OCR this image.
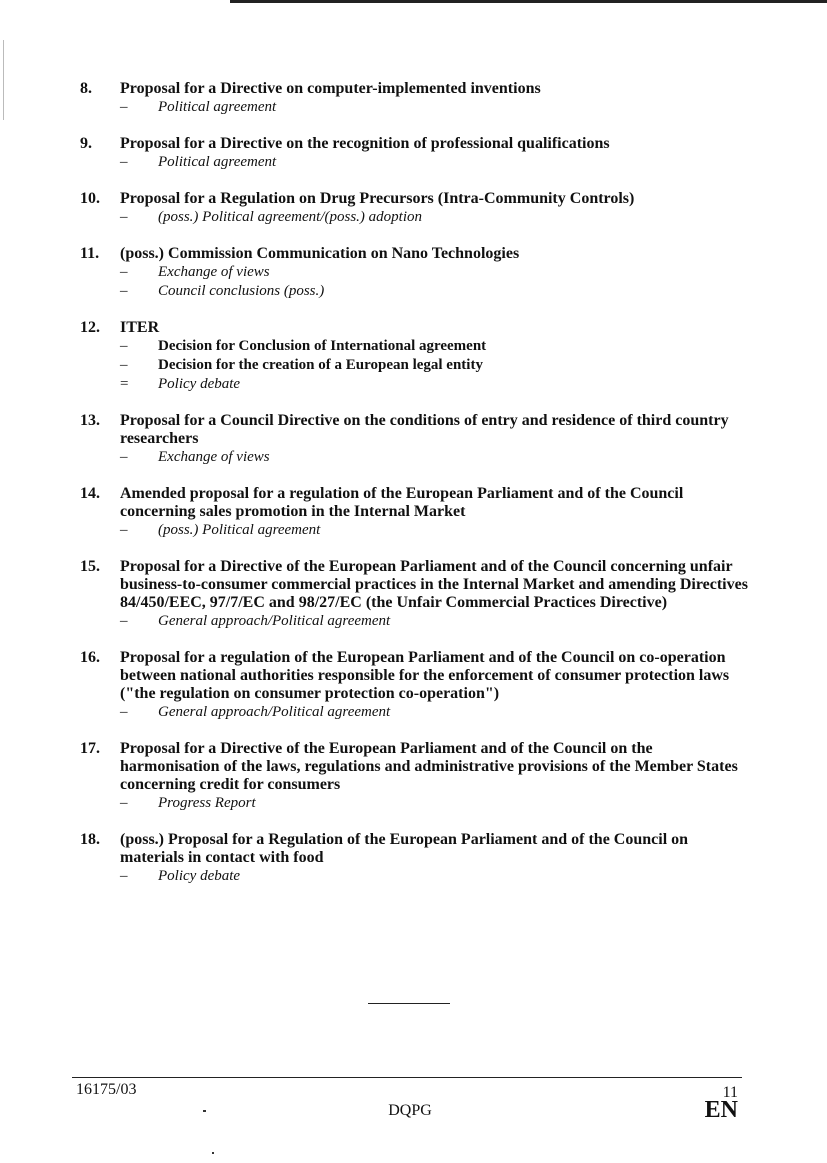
8.	Proposal for a Directive on computer-implemented inventions
–	Political agreement
9.	Proposal for a Directive on the recognition of professional qualifications
–	Political agreement
10.	Proposal for a Regulation on Drug Precursors (Intra-Community Controls)
–	(poss.) Political agreement/(poss.) adoption
11.	(poss.) Commission Communication on Nano Technologies
–	Exchange of views
–	Council conclusions (poss.)
12.	ITER
–	Decision for Conclusion of International agreement
–	Decision for the creation of a European legal entity
=	Policy debate
13.	Proposal for a Council Directive on the conditions of entry and residence of third country researchers
–	Exchange of views
14.	Amended proposal for a regulation of the European Parliament and of the Council concerning sales promotion in the Internal Market
–	(poss.) Political agreement
15.	Proposal for a Directive of the European Parliament and of the Council concerning unfair business-to-consumer commercial practices in the Internal Market and amending Directives 84/450/EEC, 97/7/EC and 98/27/EC (the Unfair Commercial Practices Directive)
–	General approach/Political agreement
16.	Proposal for a regulation of the European Parliament and of the Council on co-operation between national authorities responsible for the enforcement of consumer protection laws ("the regulation on consumer protection co-operation")
–	General approach/Political agreement
17.	Proposal for a Directive of the European Parliament and of the Council on the harmonisation of the laws, regulations and administrative provisions of the Member States concerning credit for consumers
–	Progress Report
18.	(poss.) Proposal for a Regulation of the European Parliament and of the Council on materials in contact with food
–	Policy debate
16175/03	11
DQPG	EN
